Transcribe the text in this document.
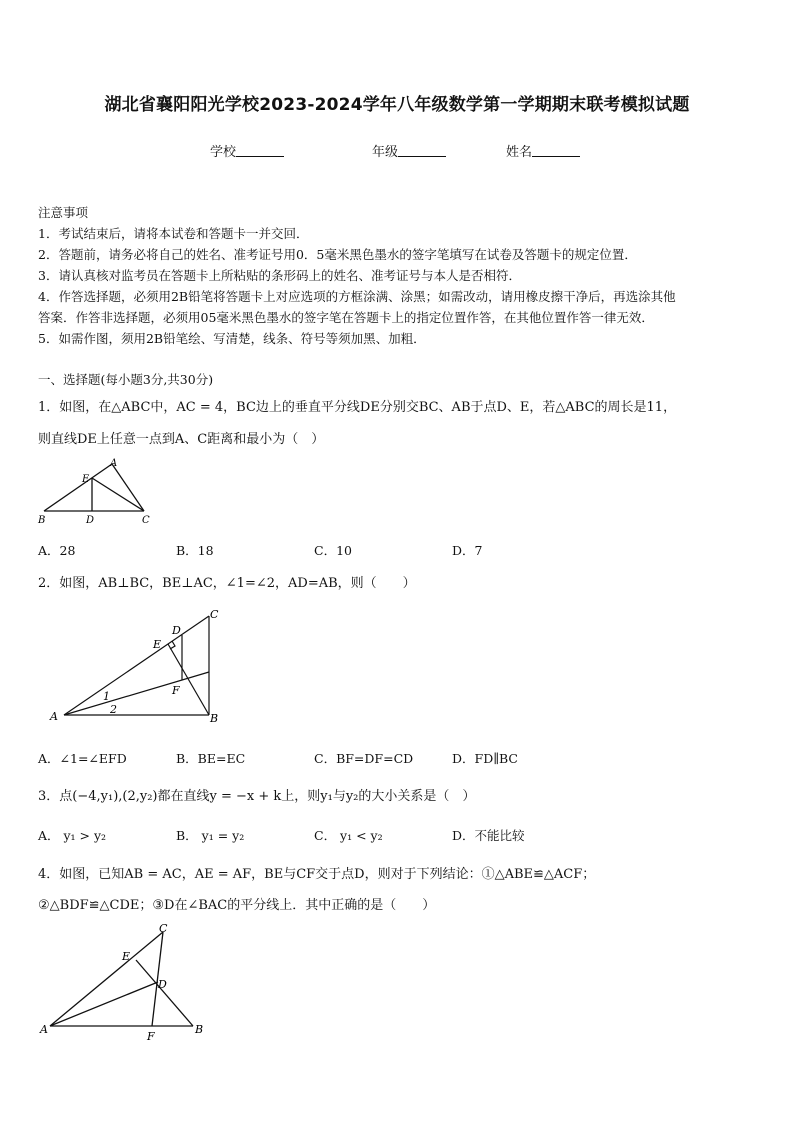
湖北省襄阳阳光学校2023-2024学年八年级数学第一学期期末联考模拟试题
学校	年级	姓名
注意事项
1．考试结束后，请将本试卷和答题卡一并交回．
2．答题前，请务必将自己的姓名、准考证号用0．5毫米黑色墨水的签字笔填写在试卷及答题卡的规定位置．
3．请认真核对监考员在答题卡上所粘贴的条形码上的姓名、准考证号与本人是否相符．
4．作答选择题，必须用2B铅笔将答题卡上对应选项的方框涂满、涂黑；如需改动，请用橡皮擦干净后，再选涂其他
答案．作答非选择题，必须用05毫米黑色墨水的签字笔在答题卡上的指定位置作答，在其他位置作答一律无效．
5．如需作图，须用2B铅笔绘、写清楚，线条、符号等须加黑、加粗．
一、选择题(每小题3分,共30分)
1．如图，在△ABC中，AC = 4，BC边上的垂直平分线DE分别交BC、AB于点D、E，若△ABC的周长是11，
则直线DE上任意一点到A、C距离和最小为（　）
A
E
B	D	C
A．28	B．18	C．10	D．7
2．如图，AB⊥BC，BE⊥AC，∠1=∠2，AD=AB，则（　　）
D
C
E
F
1
2
A	B
A．∠1=∠EFD	B．BE=EC	C．BF=DF=CD	D．FD∥BC
3．点(−4,y₁),(2,y₂)都在直线y = −x + k上，则y₁与y₂的大小关系是（　）
A． y₁ > y₂	B． y₁ = y₂	C． y₁ < y₂	D．不能比较
4．如图，已知AB = AC，AE = AF，BE与CF交于点D，则对于下列结论：①△ABE≌△ACF；
②△BDF≌△CDE；③D在∠BAC的平分线上．其中正确的是（　　）
C
E
D
A	B
F
